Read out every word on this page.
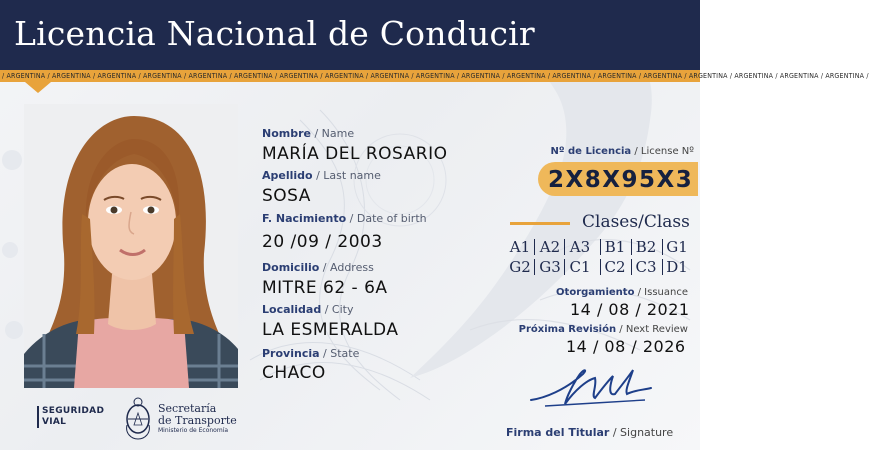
Licencia Nacional de Conducir
/ ARGENTINA / ARGENTINA / ARGENTINA / ARGENTINA / ARGENTINA / ARGENTINA / ARGENTINA / ARGENTINA / ARGENTINA / ARGENTINA / ARGENTINA / ARGENTINA / ARGENTINA / ARGENTINA / ARGENTINA / ARGENTINA / ARGENTINA / ARGENTINA / ARGENTINA /
Nombre / Name
MARÍA DEL ROSARIO
Apellido / Last name
SOSA
F. Nacimiento / Date of birth
20 /09 / 2003
Domicilio / Address
MITRE 62 - 6A
Localidad / City
LA ESMERALDA
Provincia / State
CHACO
Nº de Licencia / License Nº
2X8X95X3
Clases/Class
A1 A2 A3 B1 B2 G1
G2 G3 C1 C2 C3 D1
Otorgamiento / Issuance
14 / 08 / 2021
Próxima Revisión / Next Review
14 / 08 / 2026
SEGURIDAD
VIAL
Secretaría
de Transporte
Ministerio de Economía	Firma del Titular / Signature
